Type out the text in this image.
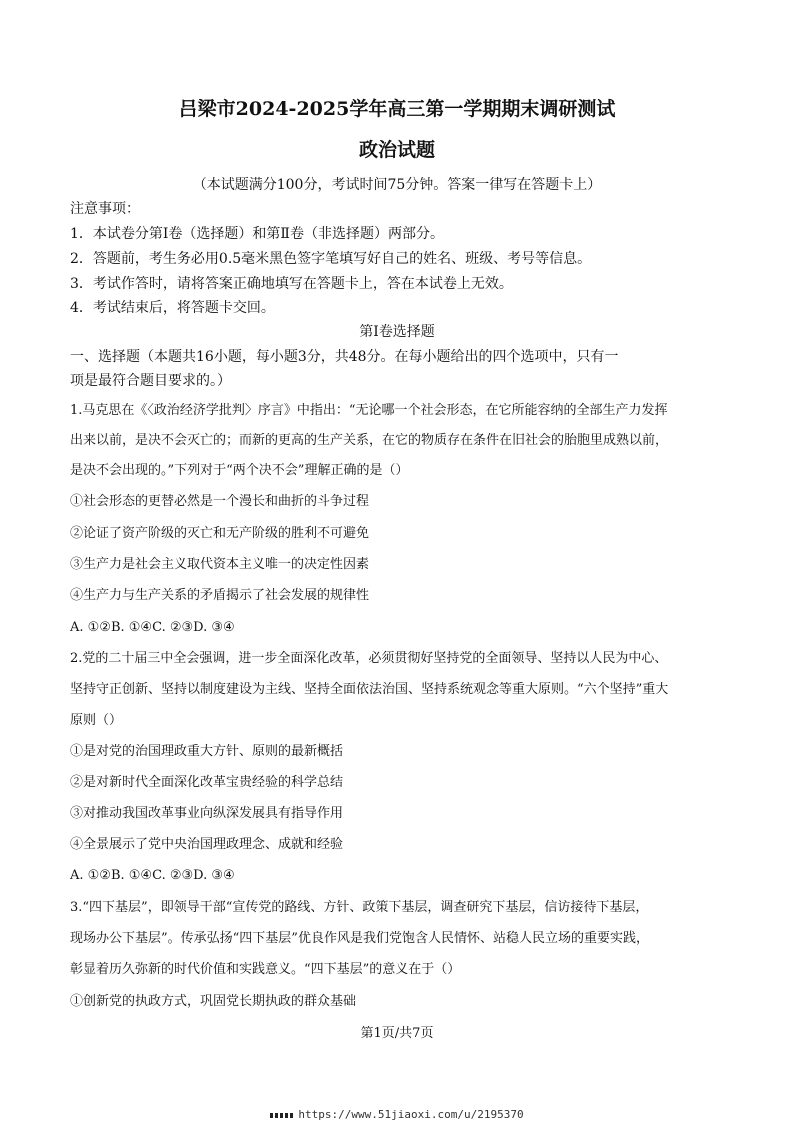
吕梁市2024-2025学年高三第一学期期末调研测试
政治试题
（本试题满分100分，考试时间75分钟。答案一律写在答题卡上）
注意事项：
1．本试卷分第Ⅰ卷（选择题）和第Ⅱ卷（非选择题）两部分。
2．答题前，考生务必用0.5毫米黑色签字笔填写好自己的姓名、班级、考号等信息。
3．考试作答时，请将答案正确地填写在答题卡上，答在本试卷上无效。
4．考试结束后，将答题卡交回。
第Ⅰ卷选择题
一、选择题（本题共16小题，每小题3分，共48分。在每小题给出的四个选项中，只有一
项是最符合题目要求的。）
1.马克思在《〈政治经济学批判〉序言》中指出：“无论哪一个社会形态，在它所能容纳的全部生产力发挥
出来以前，是决不会灭亡的；而新的更高的生产关系，在它的物质存在条件在旧社会的胎胞里成熟以前，
是决不会出现的。”下列对于“两个决不会”理解正确的是（）
①社会形态的更替必然是一个漫长和曲折的斗争过程
②论证了资产阶级的灭亡和无产阶级的胜利不可避免
③生产力是社会主义取代资本主义唯一的决定性因素
④生产力与生产关系的矛盾揭示了社会发展的规律性
A. ①②B. ①④C. ②③D. ③④
2.党的二十届三中全会强调，进一步全面深化改革，必须贯彻好坚持党的全面领导、坚持以人民为中心、
坚持守正创新、坚持以制度建设为主线、坚持全面依法治国、坚持系统观念等重大原则。“六个坚持”重大
原则（）
①是对党的治国理政重大方针、原则的最新概括
②是对新时代全面深化改革宝贵经验的科学总结
③对推动我国改革事业向纵深发展具有指导作用
④全景展示了党中央治国理政理念、成就和经验
A. ①②B. ①④C. ②③D. ③④
3.“四下基层”，即领导干部“宣传党的路线、方针、政策下基层，调查研究下基层，信访接待下基层，
现场办公下基层”。传承弘扬“四下基层”优良作风是我们党饱含人民情怀、站稳人民立场的重要实践，
彰显着历久弥新的时代价值和实践意义。“四下基层”的意义在于（）
①创新党的执政方式，巩固党长期执政的群众基础
第1页/共7页
https://www.51jiaoxi.com/u/2195370
